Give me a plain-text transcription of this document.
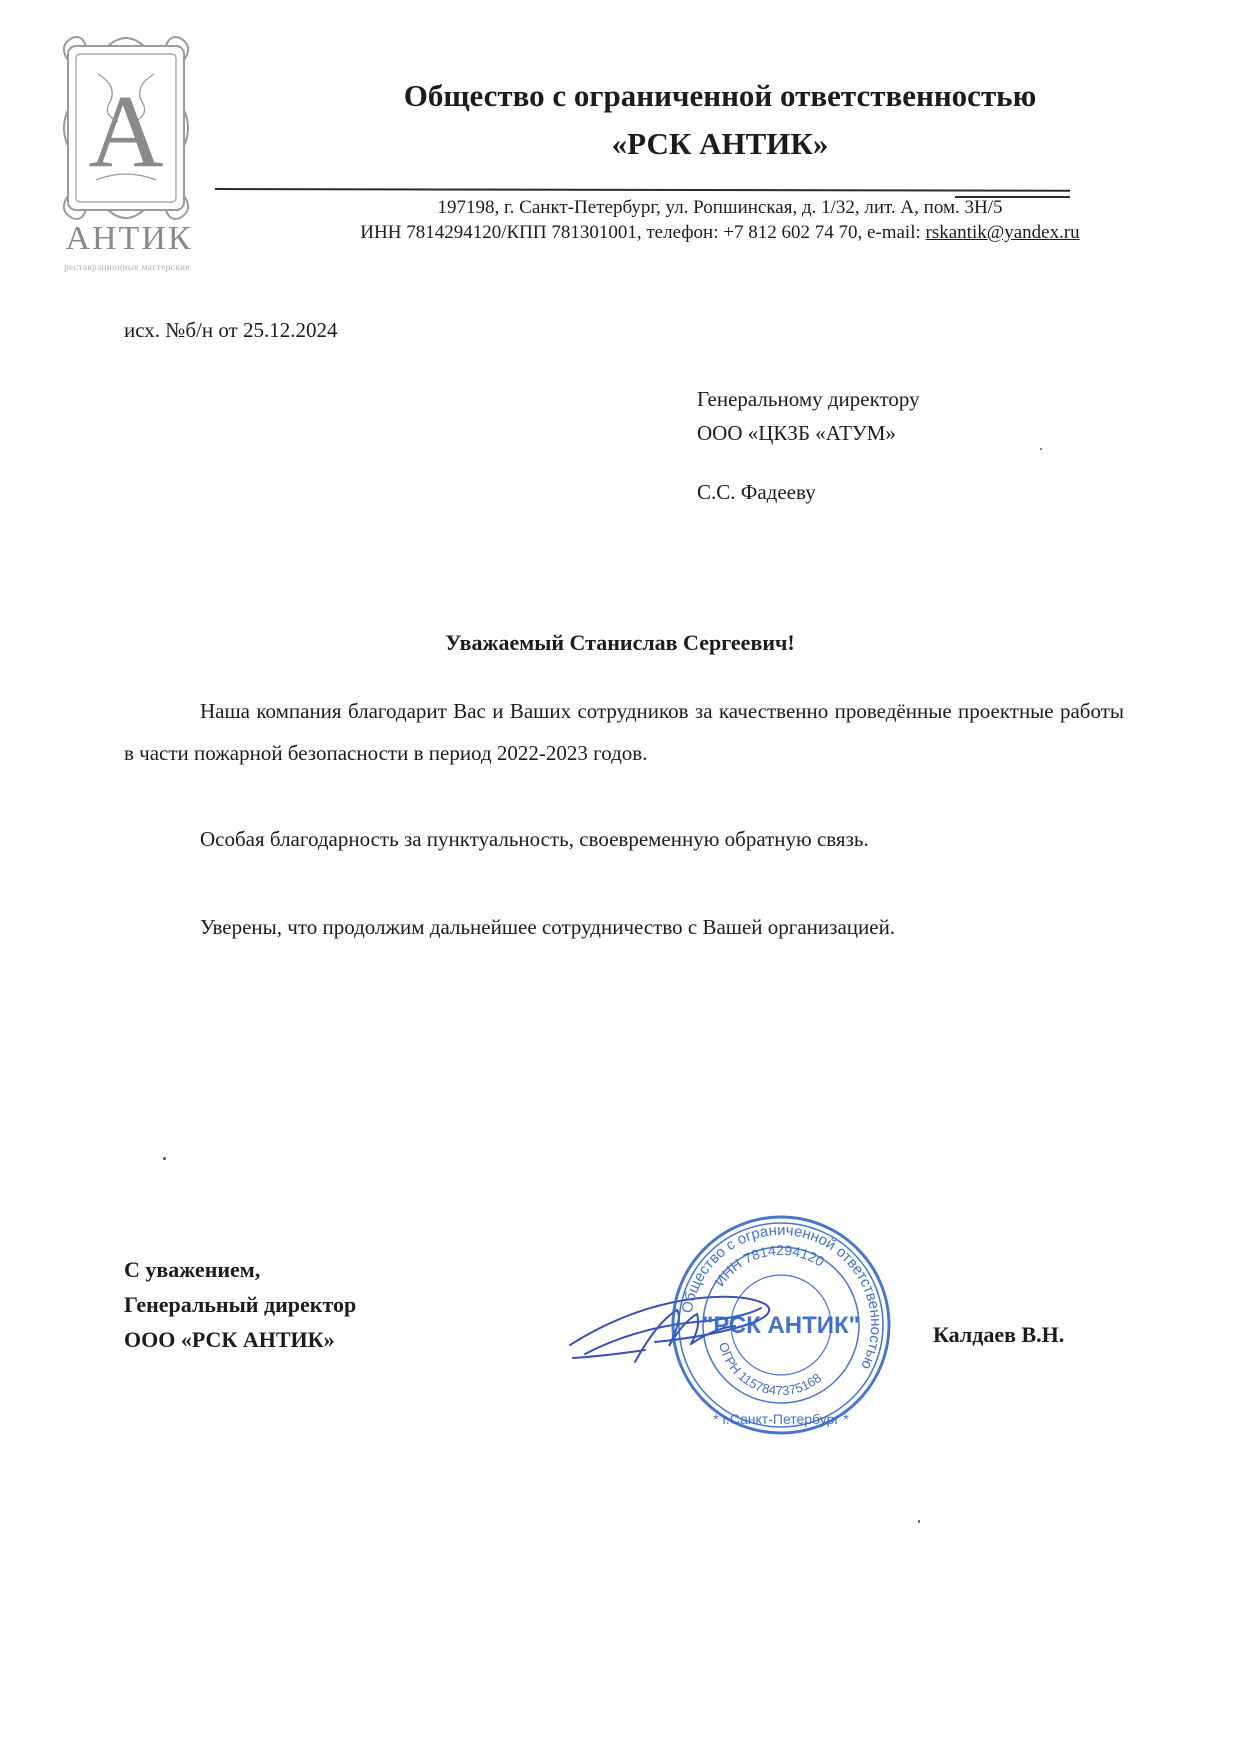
А
АНТИК
реставрационные мастерские
Общество с ограниченной ответственностью
«РСК АНТИК»
197198, г. Санкт-Петербург, ул. Ропшинская, д. 1/32, лит. А, пом. 3Н/5
ИНН 7814294120/КПП 781301001, телефон: +7 812 602 74 70, e-mail: rskantik@yandex.ru
исх. №б/н от 25.12.2024
Генеральному директору
ООО «ЦКЗБ «АТУМ»
С.С. Фадееву
Уважаемый Станислав Сергеевич!
Наша компания благодарит Вас и Ваших сотрудников за качественно проведённые проектные работы в части пожарной безопасности в период 2022-2023 годов.
Особая благодарность за пунктуальность, своевременную обратную связь.
Уверены, что продолжим дальнейшее сотрудничество с Вашей организацией.
С уважением,
Генеральный директор
ООО «РСК АНТИК»
Общество с ограниченной ответственностью
ИНН 7814294120
ОГРН 1157847375168
* г.Санкт-Петербург *
"РСК АНТИК"	Калдаев В.Н.
